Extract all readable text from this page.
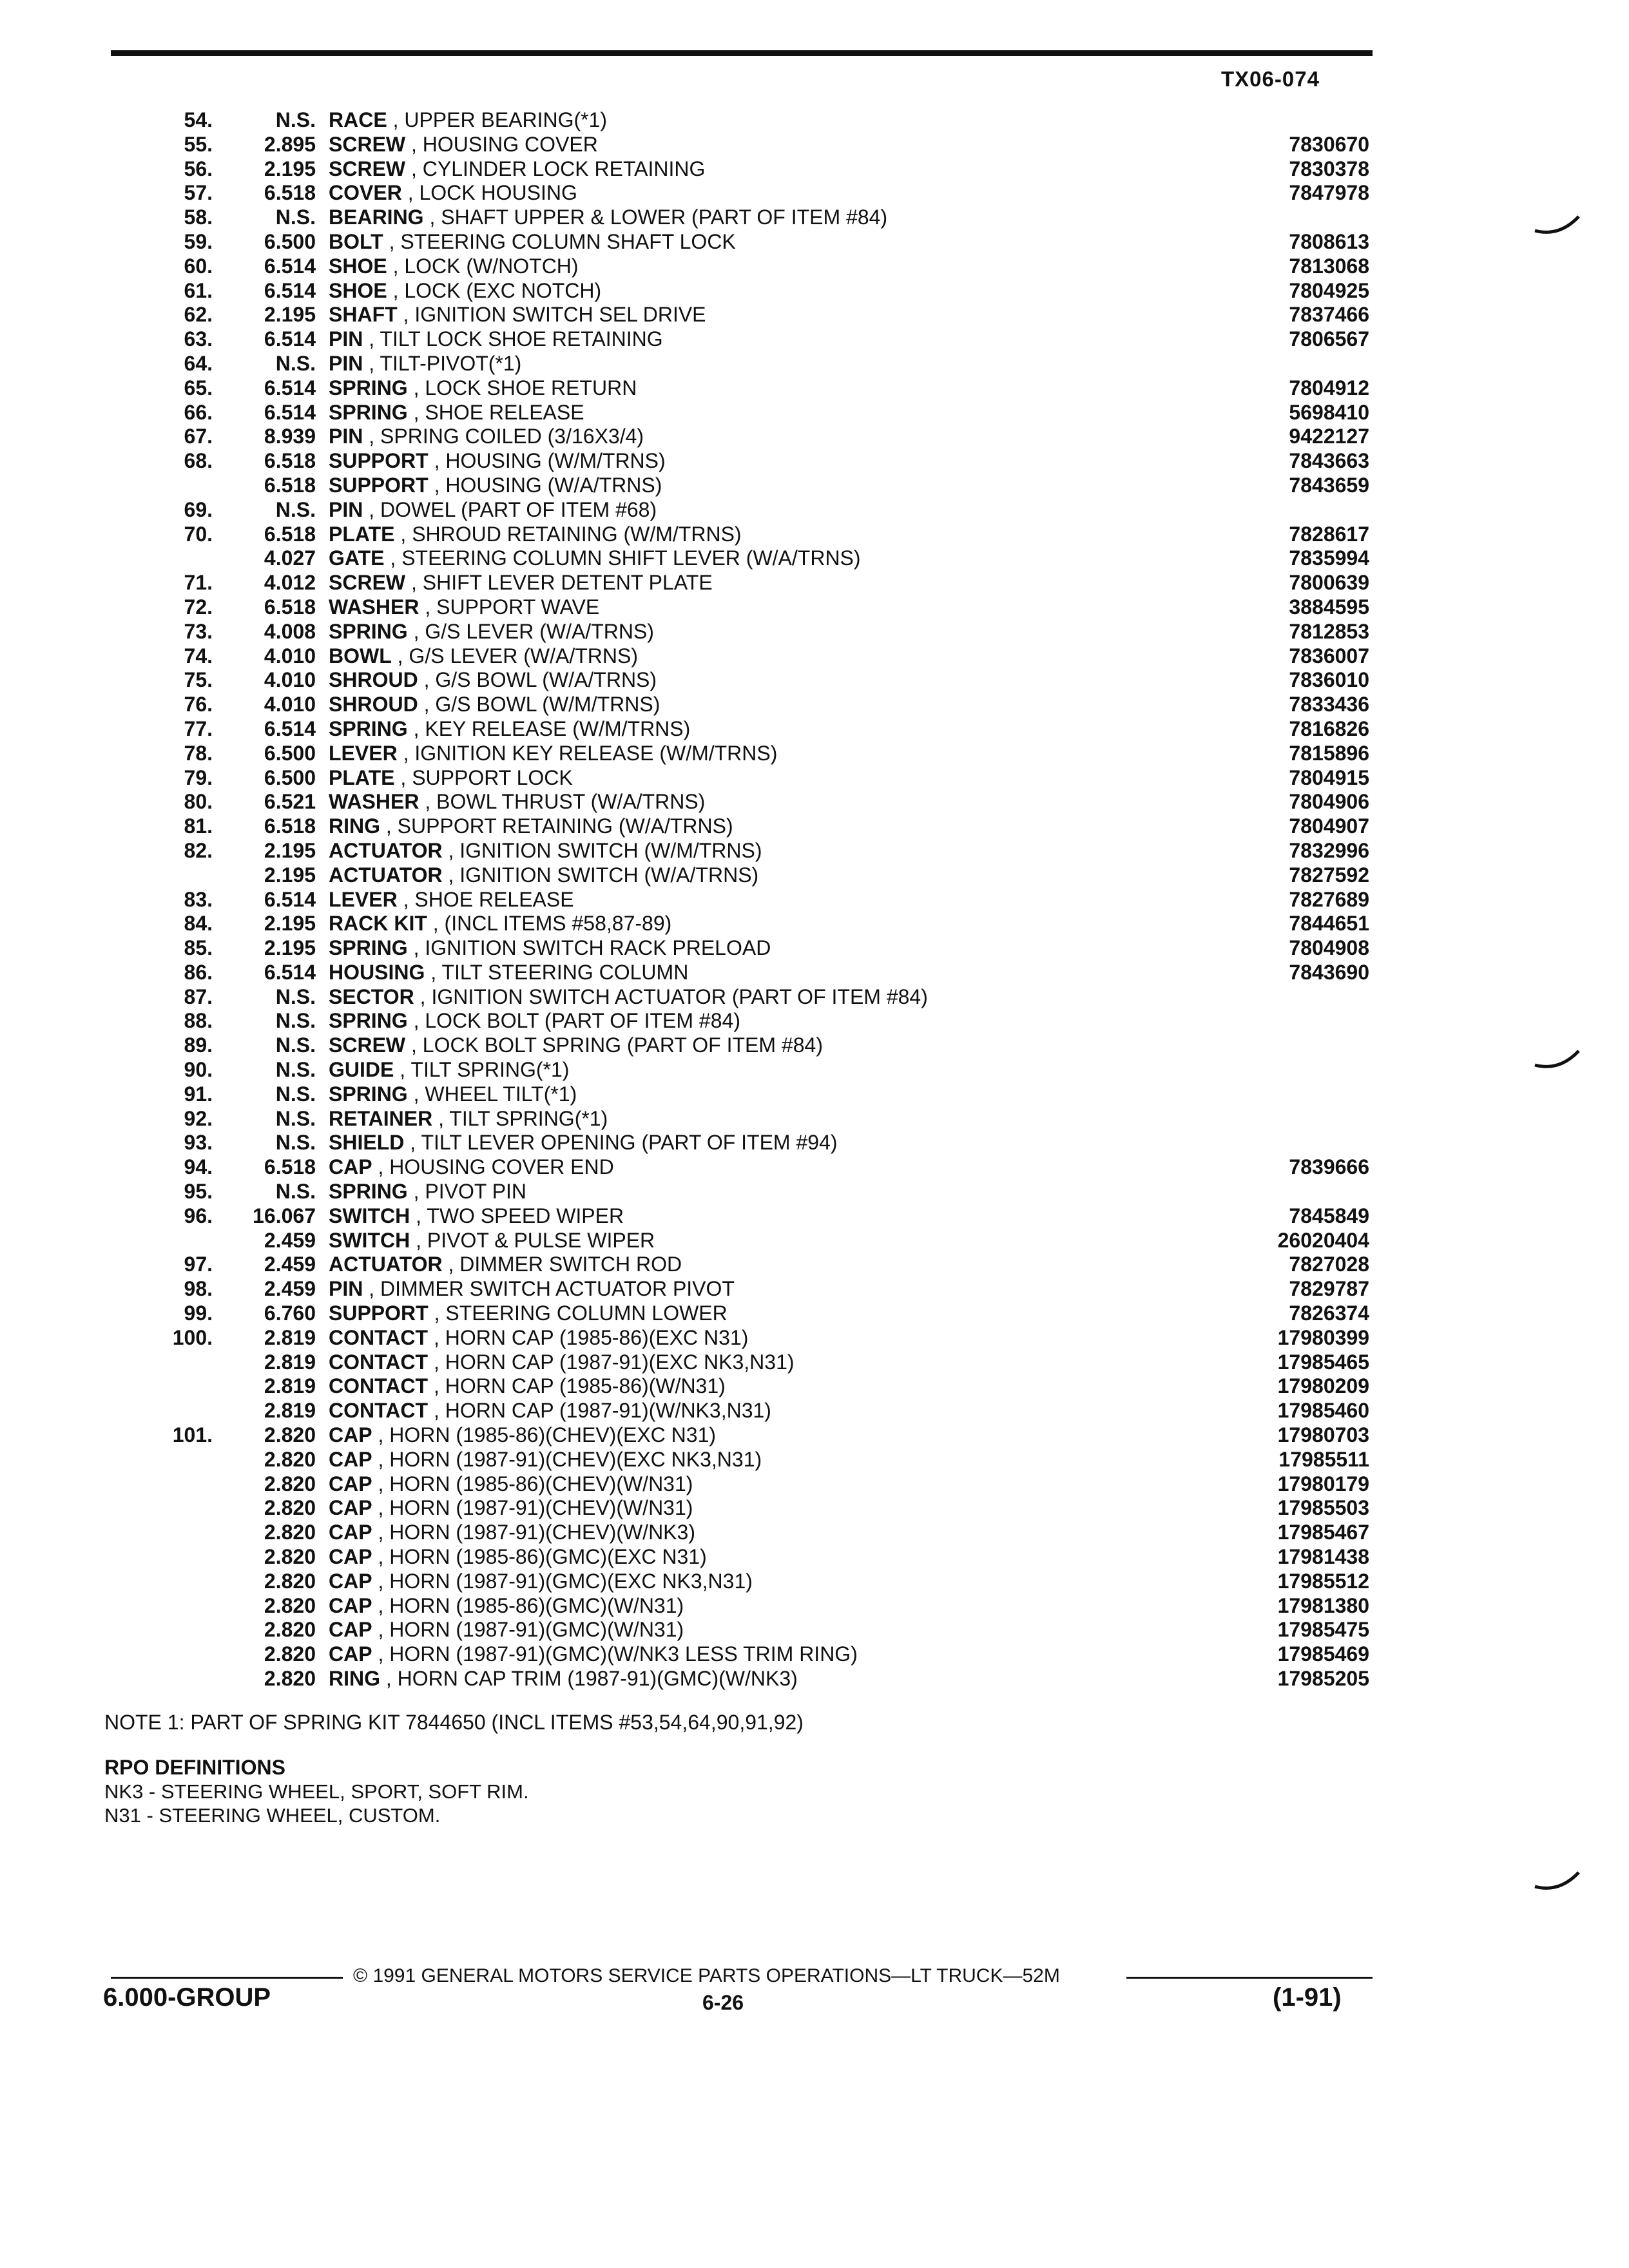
TX06-074
54.	N.S. RACE , UPPER BEARING(*1)
55.	2.895 SCREW , HOUSING COVER	7830670
56.	2.195 SCREW , CYLINDER LOCK RETAINING	7830378
57.	6.518 COVER , LOCK HOUSING	7847978
58.	N.S. BEARING , SHAFT UPPER & LOWER (PART OF ITEM #84)
59.	6.500 BOLT , STEERING COLUMN SHAFT LOCK	7808613
60.	6.514 SHOE , LOCK (W/NOTCH)	7813068
61.	6.514 SHOE , LOCK (EXC NOTCH)	7804925
62.	2.195 SHAFT , IGNITION SWITCH SEL DRIVE	7837466
63.	6.514 PIN , TILT LOCK SHOE RETAINING	7806567
64.	N.S. PIN , TILT-PIVOT(*1)
65.	6.514 SPRING , LOCK SHOE RETURN	7804912
66.	6.514 SPRING , SHOE RELEASE	5698410
67.	8.939 PIN , SPRING COILED (3/16X3/4)	9422127
68.	6.518 SUPPORT , HOUSING (W/M/TRNS)	7843663
6.518 SUPPORT , HOUSING (W/A/TRNS)	7843659
69.	N.S. PIN , DOWEL (PART OF ITEM #68)
70.	6.518 PLATE , SHROUD RETAINING (W/M/TRNS)	7828617
4.027 GATE , STEERING COLUMN SHIFT LEVER (W/A/TRNS)	7835994
71.	4.012 SCREW , SHIFT LEVER DETENT PLATE	7800639
72.	6.518 WASHER , SUPPORT WAVE	3884595
73.	4.008 SPRING , G/S LEVER (W/A/TRNS)	7812853
74.	4.010 BOWL , G/S LEVER (W/A/TRNS)	7836007
75.	4.010 SHROUD , G/S BOWL (W/A/TRNS)	7836010
76.	4.010 SHROUD , G/S BOWL (W/M/TRNS)	7833436
77.	6.514 SPRING , KEY RELEASE (W/M/TRNS)	7816826
78.	6.500 LEVER , IGNITION KEY RELEASE (W/M/TRNS)	7815896
79.	6.500 PLATE , SUPPORT LOCK	7804915
80.	6.521 WASHER , BOWL THRUST (W/A/TRNS)	7804906
81.	6.518 RING , SUPPORT RETAINING (W/A/TRNS)	7804907
82.	2.195 ACTUATOR , IGNITION SWITCH (W/M/TRNS)	7832996
2.195 ACTUATOR , IGNITION SWITCH (W/A/TRNS)	7827592
83.	6.514 LEVER , SHOE RELEASE	7827689
84.	2.195 RACK KIT , (INCL ITEMS #58,87-89)	7844651
85.	2.195 SPRING , IGNITION SWITCH RACK PRELOAD	7804908
86.	6.514 HOUSING , TILT STEERING COLUMN	7843690
87.	N.S. SECTOR , IGNITION SWITCH ACTUATOR (PART OF ITEM #84)
88.	N.S. SPRING , LOCK BOLT (PART OF ITEM #84)
89.	N.S. SCREW , LOCK BOLT SPRING (PART OF ITEM #84)
90.	N.S. GUIDE , TILT SPRING(*1)
91.	N.S. SPRING , WHEEL TILT(*1)
92.	N.S. RETAINER , TILT SPRING(*1)
93.	N.S. SHIELD , TILT LEVER OPENING (PART OF ITEM #94)
94.	6.518 CAP , HOUSING COVER END	7839666
95.	N.S. SPRING , PIVOT PIN
96.	16.067 SWITCH , TWO SPEED WIPER	7845849
2.459 SWITCH , PIVOT & PULSE WIPER	26020404
97.	2.459 ACTUATOR , DIMMER SWITCH ROD	7827028
98.	2.459 PIN , DIMMER SWITCH ACTUATOR PIVOT	7829787
99.	6.760 SUPPORT , STEERING COLUMN LOWER	7826374
100.	2.819 CONTACT , HORN CAP (1985-86)(EXC N31)	17980399
2.819 CONTACT , HORN CAP (1987-91)(EXC NK3,N31)	17985465
2.819 CONTACT , HORN CAP (1985-86)(W/N31)	17980209
2.819 CONTACT , HORN CAP (1987-91)(W/NK3,N31)	17985460
101.	2.820 CAP , HORN (1985-86)(CHEV)(EXC N31)	17980703
2.820 CAP , HORN (1987-91)(CHEV)(EXC NK3,N31)	17985511
2.820 CAP , HORN (1985-86)(CHEV)(W/N31)	17980179
2.820 CAP , HORN (1987-91)(CHEV)(W/N31)	17985503
2.820 CAP , HORN (1987-91)(CHEV)(W/NK3)	17985467
2.820 CAP , HORN (1985-86)(GMC)(EXC N31)	17981438
2.820 CAP , HORN (1987-91)(GMC)(EXC NK3,N31)	17985512
2.820 CAP , HORN (1985-86)(GMC)(W/N31)	17981380
2.820 CAP , HORN (1987-91)(GMC)(W/N31)	17985475
2.820 CAP , HORN (1987-91)(GMC)(W/NK3 LESS TRIM RING)	17985469
2.820 RING , HORN CAP TRIM (1987-91)(GMC)(W/NK3)	17985205
NOTE 1: PART OF SPRING KIT 7844650 (INCL ITEMS #53,54,64,90,91,92)
RPO DEFINITIONS
NK3 - STEERING WHEEL, SPORT, SOFT RIM.
N31 - STEERING WHEEL, CUSTOM.
© 1991 GENERAL MOTORS SERVICE PARTS OPERATIONS—LT TRUCK—52M
6.000-GROUP	6-26	(1-91)
